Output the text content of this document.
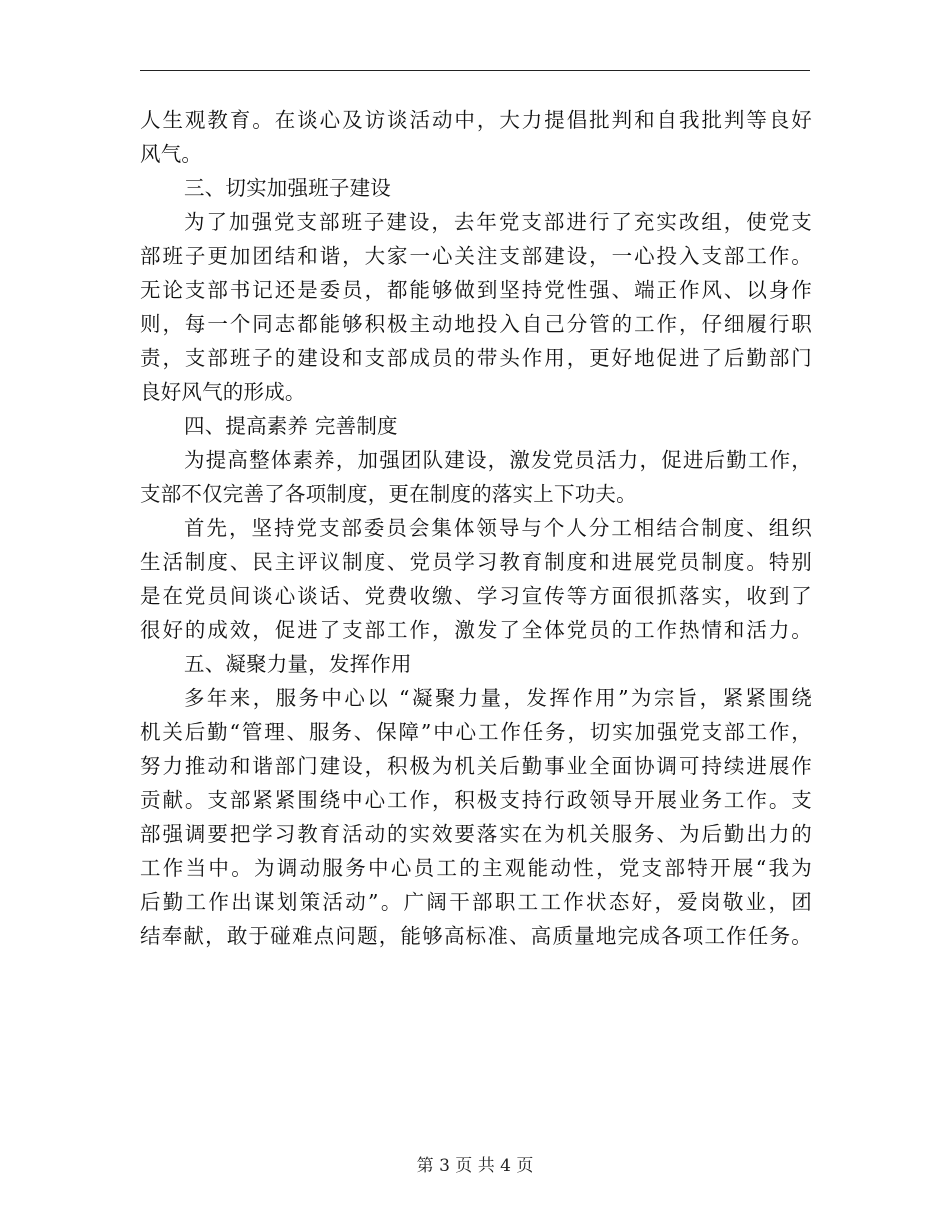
人生观教育。在谈心及访谈活动中，大力提倡批判和自我批判等良好
风气。
三、切实加强班子建设
为了加强党支部班子建设，去年党支部进行了充实改组，使党支
部班子更加团结和谐，大家一心关注支部建设，一心投入支部工作。
无论支部书记还是委员，都能够做到坚持党性强、端正作风、以身作
则，每一个同志都能够积极主动地投入自己分管的工作，仔细履行职
责，支部班子的建设和支部成员的带头作用，更好地促进了后勤部门
良好风气的形成。
四、提高素养 完善制度
为提高整体素养，加强团队建设，激发党员活力，促进后勤工作，
支部不仅完善了各项制度，更在制度的落实上下功夫。
首先，坚持党支部委员会集体领导与个人分工相结合制度、组织
生活制度、民主评议制度、党员学习教育制度和进展党员制度。特别
是在党员间谈心谈话、党费收缴、学习宣传等方面很抓落实，收到了
很好的成效，促进了支部工作，激发了全体党员的工作热情和活力。
五、凝聚力量，发挥作用
多年来，服务中心以 “凝聚力量，发挥作用”为宗旨，紧紧围绕
机关后勤“管理、服务、保障”中心工作任务，切实加强党支部工作，
努力推动和谐部门建设，积极为机关后勤事业全面协调可持续进展作
贡献。支部紧紧围绕中心工作，积极支持行政领导开展业务工作。支
部强调要把学习教育活动的实效要落实在为机关服务、为后勤出力的
工作当中。为调动服务中心员工的主观能动性，党支部特开展“我为
后勤工作出谋划策活动”。广阔干部职工工作状态好，爱岗敬业，团
结奉献，敢于碰难点问题，能够高标准、高质量地完成各项工作任务。
第 3 页 共 4 页
